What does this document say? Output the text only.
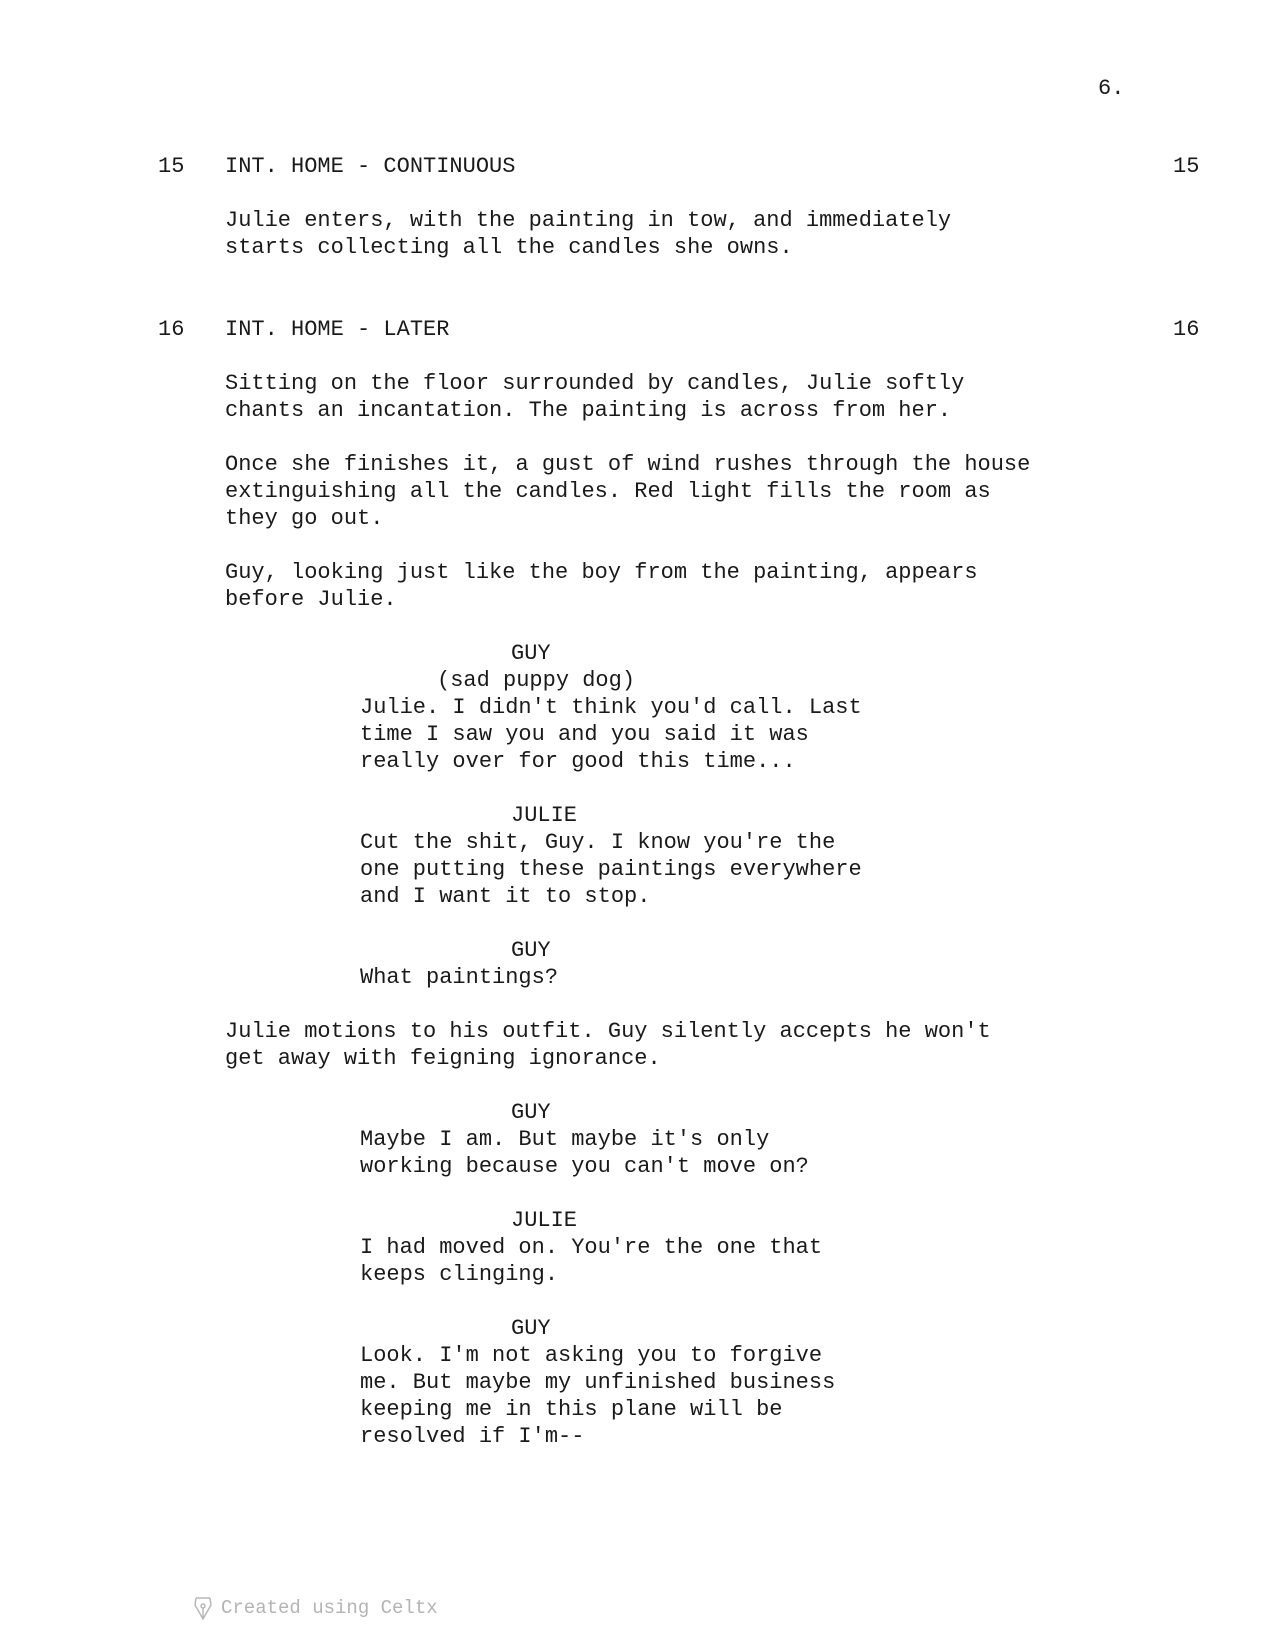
6.
15 INT. HOME - CONTINUOUS	15
Julie enters, with the painting in tow, and immediately
starts collecting all the candles she owns.
16 INT. HOME - LATER	16
Sitting on the floor surrounded by candles, Julie softly
chants an incantation. The painting is across from her.
Once she finishes it, a gust of wind rushes through the house
extinguishing all the candles. Red light fills the room as
they go out.
Guy, looking just like the boy from the painting, appears
before Julie.
GUY
(sad puppy dog)
Julie. I didn't think you'd call. Last
time I saw you and you said it was
really over for good this time...
JULIE
Cut the shit, Guy. I know you're the
one putting these paintings everywhere
and I want it to stop.
GUY
What paintings?
Julie motions to his outfit. Guy silently accepts he won't
get away with feigning ignorance.
GUY
Maybe I am. But maybe it's only
working because you can't move on?
JULIE
I had moved on. You're the one that
keeps clinging.
GUY
Look. I'm not asking you to forgive
me. But maybe my unfinished business
keeping me in this plane will be
resolved if I'm--
Created using Celtx
